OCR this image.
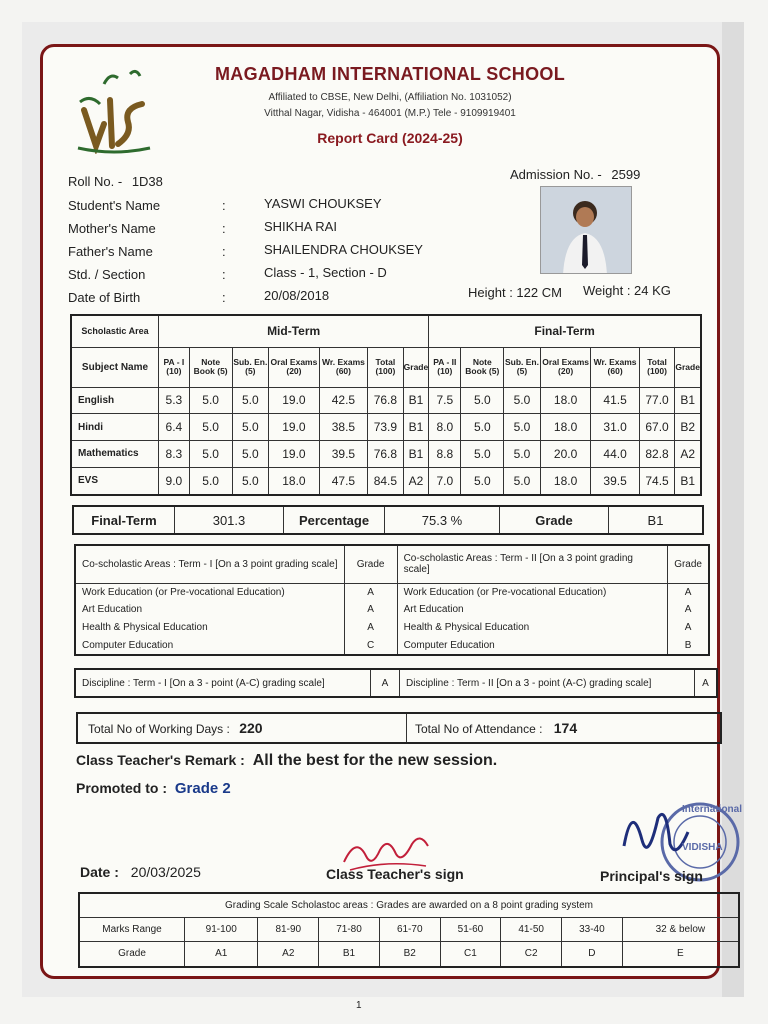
MAGADHAM INTERNATIONAL SCHOOL
Affiliated to CBSE, New Delhi, (Affiliation No. 1031052)
Vitthal Nagar, Vidisha - 464001 (M.P.) Tele - 9109919401
Report Card (2024-25)
Roll No. - 1D38	Admission No. - 2599
Student's Name	:	YASWI CHOUKSEY
Mother's Name	:	SHIKHA RAI
Father's Name	:	SHAILENDRA CHOUKSEY
Std. / Section	:	Class - 1, Section - D
Date of Birth	:	20/08/2018	Height : 122 CM Weight : 24 KG
Scholastic Area	Mid-Term							Final-Term						
Subject Name	PA - I (10)	Note Book (5)	Sub. En. (5)	Oral Exams (20)	Wr. Exams (60)	Total (100)	Grade	PA - II (10)	Note Book (5)	Sub. En. (5)	Oral Exams (20)	Wr. Exams (60)	Total (100)	Grade
English	5.3	5.0	5.0	19.0	42.5	76.8	B1	7.5	5.0	5.0	18.0	41.5	77.0	B1
Hindi	6.4	5.0	5.0	19.0	38.5	73.9	B1	8.0	5.0	5.0	18.0	31.0	67.0	B2
Mathematics	8.3	5.0	5.0	19.0	39.5	76.8	B1	8.8	5.0	5.0	20.0	44.0	82.8	A2
EVS	9.0	5.0	5.0	18.0	47.5	84.5	A2	7.0	5.0	5.0	18.0	39.5	74.5	B1
Final-Term	301.3	Percentage	75.3 %	Grade	B1
Co-scholastic Areas : Term - I [On a 3 point grading scale]	Grade	Co-scholastic Areas : Term - II [On a 3 point grading scale]	Grade
Work Education (or Pre-vocational Education)	A	Work Education (or Pre-vocational Education)	A
Art Education	A	Art Education	A
Health & Physical Education	A	Health & Physical Education	A
Computer Education	C	Computer Education	B
Discipline : Term - I [On a 3 - point (A-C) grading scale]	A	Discipline : Term - II [On a 3 - point (A-C) grading scale]	A
Total No of Working Days : 220	Total No of Attendance : 174
Class Teacher's Remark : All the best for the new session.
Promoted to : Grade 2
International
VIDISHA
Date : 20/03/2025	Class Teacher's sign	Principal's sign
Grading Scale Scholastoc areas : Grades are awarded on a 8 point grading system								
Marks Range	91-100	81-90	71-80	61-70	51-60	41-50	33-40	32 & below
Grade	A1	A2	B1	B2	C1	C2	D	E
1
